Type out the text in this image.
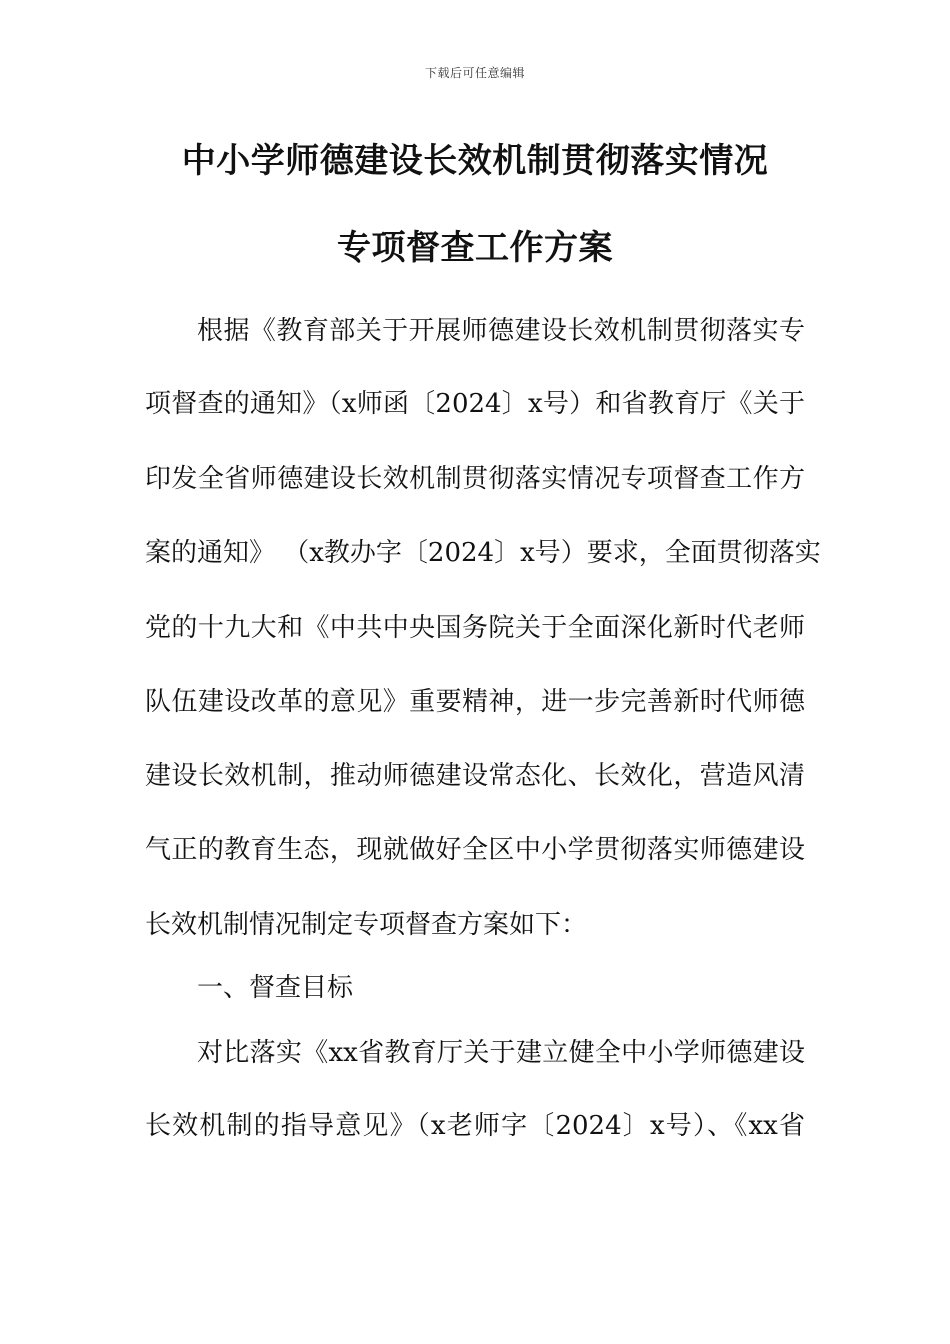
下载后可任意编辑
中小学师德建设长效机制贯彻落实情况
专项督查工作方案
根据《教育部关于开展师德建设长效机制贯彻落实专
项督查的通知》（x师函〔2024〕x号）和省教育厅《关于
印发全省师德建设长效机制贯彻落实情况专项督查工作方
案的通知》 （x教办字〔2024〕x号）要求，全面贯彻落实
党的十九大和《中共中央国务院关于全面深化新时代老师
队伍建设改革的意见》重要精神，进一步完善新时代师德
建设长效机制，推动师德建设常态化、长效化，营造风清
气正的教育生态，现就做好全区中小学贯彻落实师德建设
长效机制情况制定专项督查方案如下：
一、督查目标
对比落实《xx省教育厅关于建立健全中小学师德建设
长效机制的指导意见》（x老师字〔2024〕x号）、《xx省
